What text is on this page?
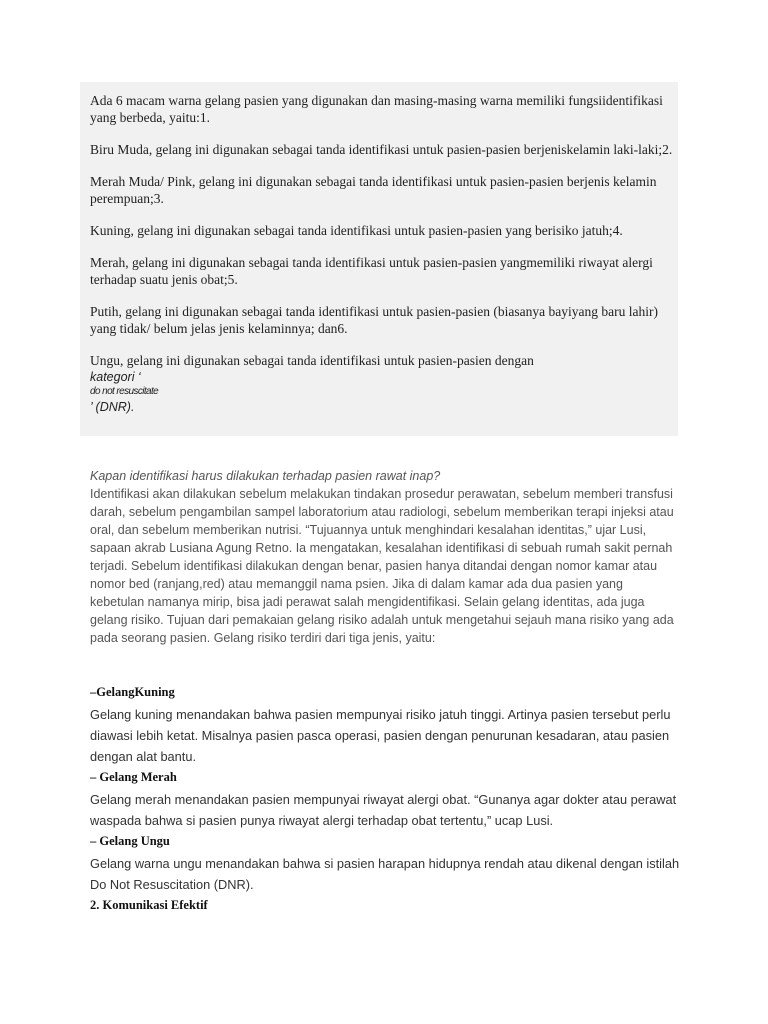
Ada 6 macam warna gelang pasien yang digunakan dan masing-masing warna memiliki fungsiidentifikasi yang berbeda, yaitu:1.

Biru Muda, gelang ini digunakan sebagai tanda identifikasi untuk pasien-pasien berjeniskelamin laki-laki;2.

Merah Muda/ Pink, gelang ini digunakan sebagai tanda identifikasi untuk pasien-pasien berjenis kelamin perempuan;3.

Kuning, gelang ini digunakan sebagai tanda identifikasi untuk pasien-pasien yang berisiko jatuh;4.

Merah, gelang ini digunakan sebagai tanda identifikasi untuk pasien-pasien yangmemiliki riwayat alergi terhadap suatu jenis obat;5.

Putih, gelang ini digunakan sebagai tanda identifikasi untuk pasien-pasien (biasanya bayiyang baru lahir) yang tidak/ belum jelas jenis kelaminnya; dan6.

Ungu, gelang ini digunakan sebagai tanda identifikasi untuk pasien-pasien dengan

kategori ‘

do not resuscitate

’ (DNR).

Kapan identifikasi harus dilakukan terhadap pasien rawat inap?

Identifikasi akan dilakukan sebelum melakukan tindakan prosedur perawatan, sebelum memberi transfusi darah, sebelum pengambilan sampel laboratorium atau radiologi, sebelum memberikan terapi injeksi atau oral, dan sebelum memberikan nutrisi. “Tujuannya untuk menghindari kesalahan identitas,” ujar Lusi, sapaan akrab Lusiana Agung Retno. Ia mengatakan, kesalahan identifikasi di sebuah rumah sakit pernah terjadi. Sebelum identifikasi dilakukan dengan benar, pasien hanya ditandai dengan nomor kamar atau nomor bed (ranjang,red) atau memanggil nama psien. Jika di dalam kamar ada dua pasien yang kebetulan namanya mirip, bisa jadi perawat salah mengidentifikasi. Selain gelang identitas, ada juga gelang risiko. Tujuan dari pemakaian gelang risiko adalah untuk mengetahui sejauh mana risiko yang ada pada seorang pasien. Gelang risiko terdiri dari tiga jenis, yaitu:

–GelangKuning

Gelang kuning menandakan bahwa pasien mempunyai risiko jatuh tinggi. Artinya pasien tersebut perlu diawasi lebih ketat. Misalnya pasien pasca operasi, pasien dengan penurunan kesadaran, atau pasien dengan alat bantu.

– Gelang Merah

Gelang merah menandakan pasien mempunyai riwayat alergi obat. “Gunanya agar dokter atau perawat waspada bahwa si pasien punya riwayat alergi terhadap obat tertentu,” ucap Lusi.

– Gelang Ungu

Gelang warna ungu menandakan bahwa si pasien harapan hidupnya rendah atau dikenal dengan istilah Do Not Resuscitation (DNR).

2. Komunikasi Efektif
